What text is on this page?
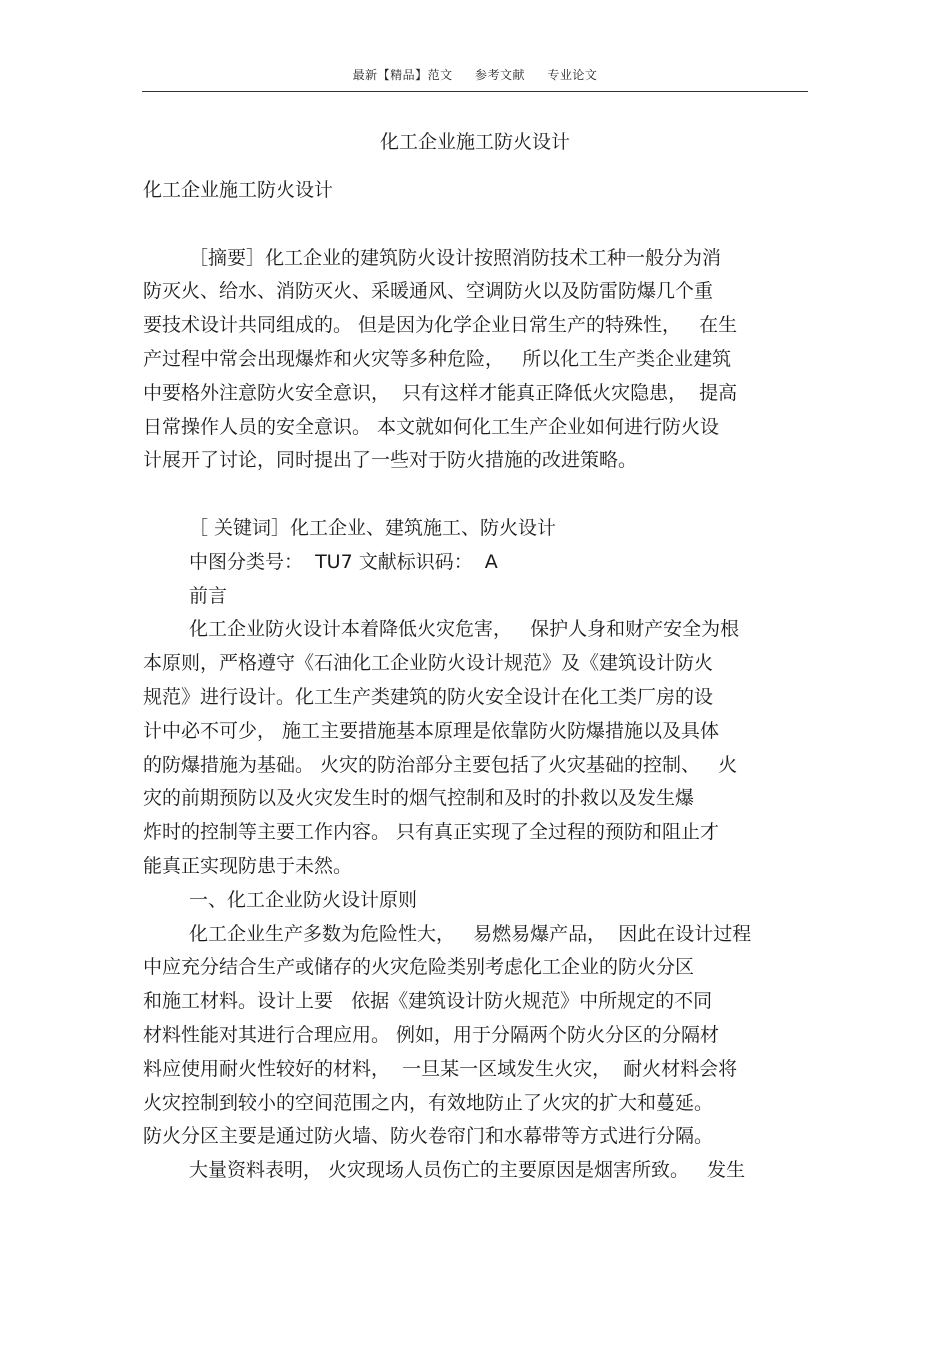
最新【精品】范文 参考文献 专业论文
化工企业施工防火设计
化工企业施工防火设计
［摘要］化工企业的建筑防火设计按照消防技术工种一般分为消
防灭火、给水、消防灭火、采暖通风、空调防火以及防雷防爆几个重
要技术设计共同组成的。 但是因为化学企业日常生产的特殊性，   在生
产过程中常会出现爆炸和火灾等多种危险，   所以化工生产类企业建筑
中要格外注意防火安全意识，  只有这样才能真正降低火灾隐患，  提高
日常操作人员的安全意识。 本文就如何化工生产企业如何进行防火设
计展开了讨论，同时提出了一些对于防火措施的改进策略。
［ 关键词］化工企业、建筑施工、防火设计
中图分类号：  TU7 文献标识码：  A
前言
化工企业防火设计本着降低火灾危害，   保护人身和财产安全为根
本原则，严格遵守《石油化工企业防火设计规范》及《建筑设计防火
规范》进行设计。化工生产类建筑的防火安全设计在化工类厂房的设
计中必不可少， 施工主要措施基本原理是依靠防火防爆措施以及具体
的防爆措施为基础。 火灾的防治部分主要包括了火灾基础的控制、   火
灾的前期预防以及火灾发生时的烟气控制和及时的扑救以及发生爆
炸时的控制等主要工作内容。 只有真正实现了全过程的预防和阻止才
能真正实现防患于未然。
一、化工企业防火设计原则
化工企业生产多数为危险性大，   易燃易爆产品，  因此在设计过程
中应充分结合生产或储存的火灾危险类别考虑化工企业的防火分区
和施工材料。设计上要   依据《建筑设计防火规范》中所规定的不同
材料性能对其进行合理应用。 例如，用于分隔两个防火分区的分隔材
料应使用耐火性较好的材料，  一旦某一区域发生火灾，  耐火材料会将
火灾控制到较小的空间范围之内，有效地防止了火灾的扩大和蔓延。
防火分区主要是通过防火墙、防火卷帘门和水幕带等方式进行分隔。
大量资料表明， 火灾现场人员伤亡的主要原因是烟害所致。   发生
